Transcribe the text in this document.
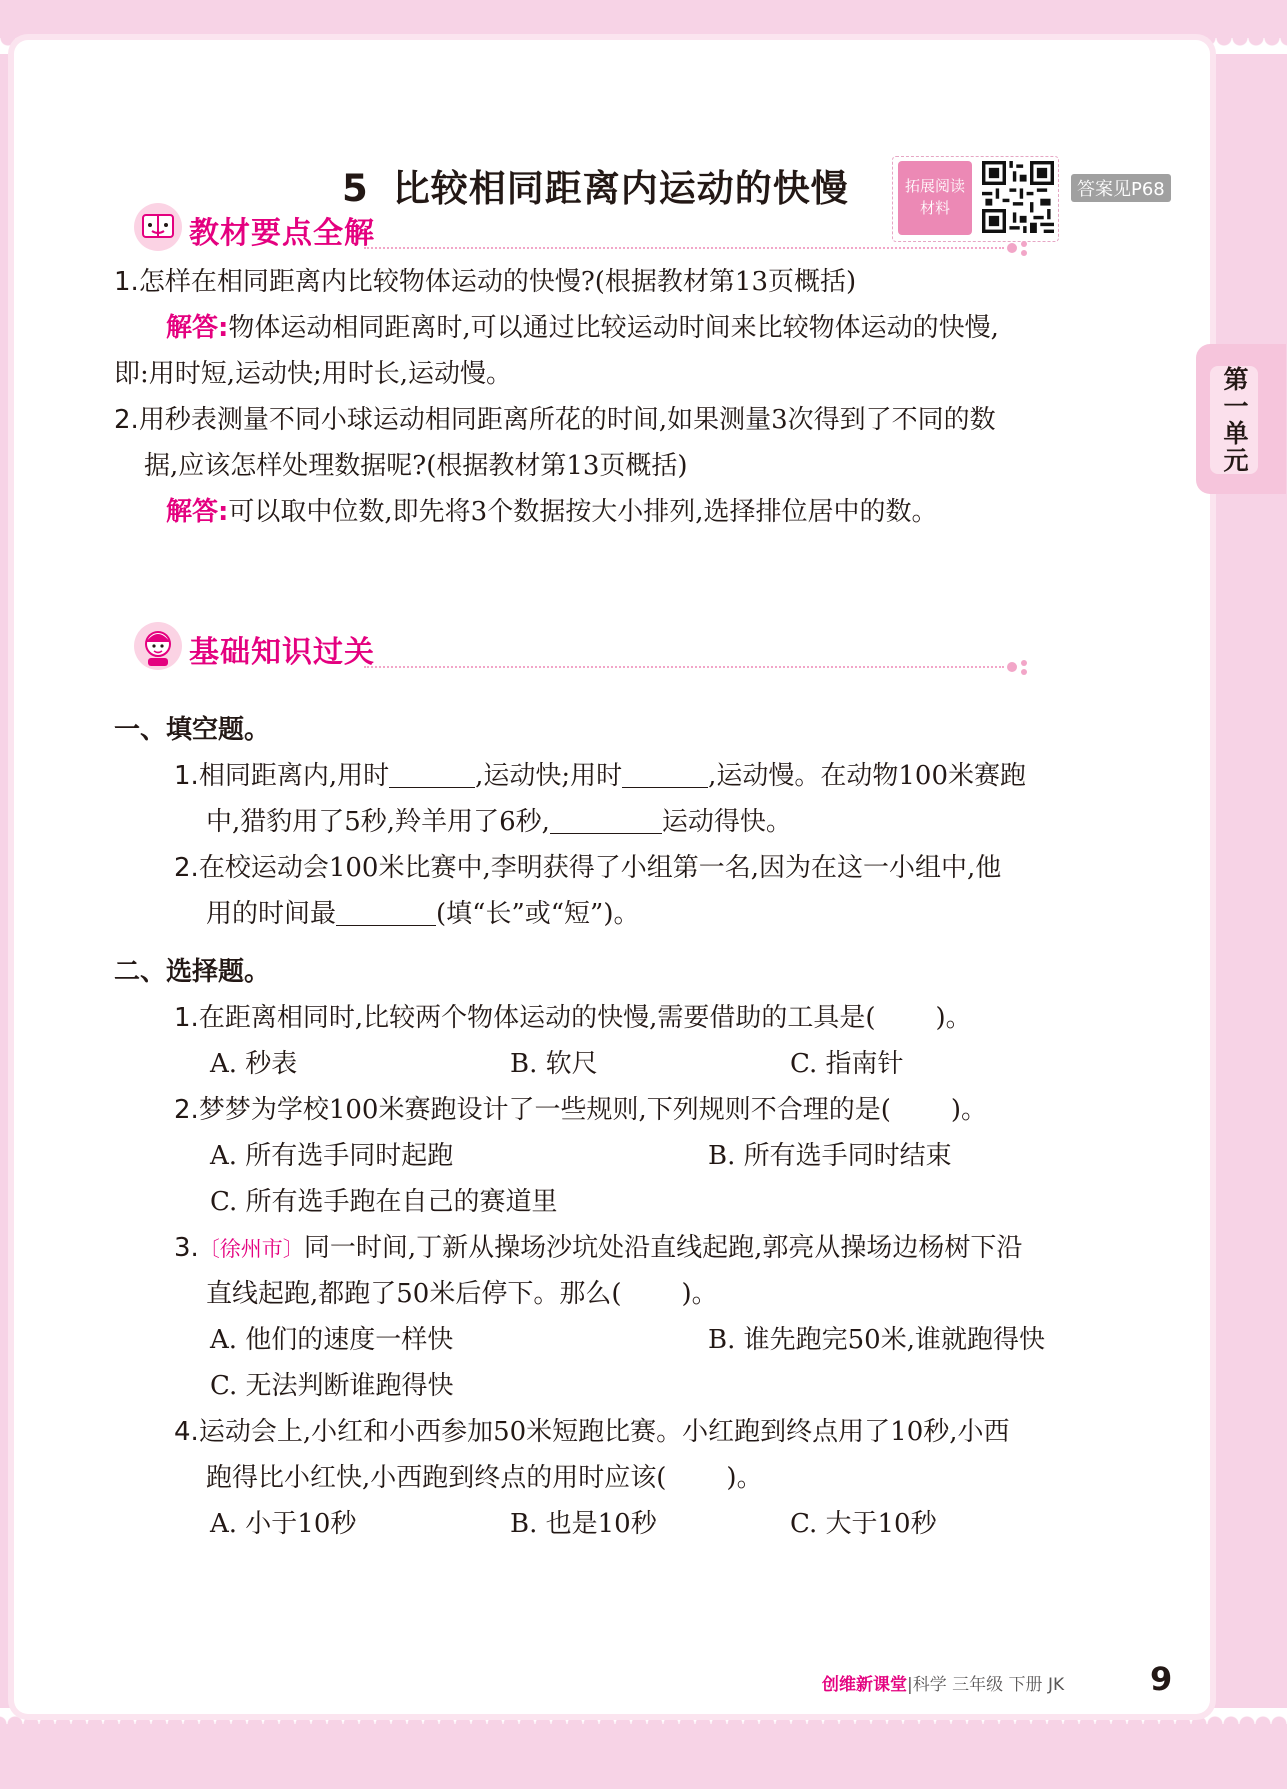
5 比较相同距离内运动的快慢	拓展阅读
材料
答案见P68
教材要点全解
1.怎样在相同距离内比较物体运动的快慢?(根据教材第13页概括)
解答:物体运动相同距离时,可以通过比较运动时间来比较物体运动的快慢,
即:用时短,运动快;用时长,运动慢。
2.用秒表测量不同小球运动相同距离所花的时间,如果测量3次得到了不同的数
据,应该怎样处理数据呢?(根据教材第13页概括)
解答:可以取中位数,即先将3个数据按大小排列,选择排位居中的数。
基础知识过关
一、填空题。
1.相同距离内,用时	,运动快;用时	,运动慢。在动物100米赛跑
中,猎豹用了5秒,羚羊用了6秒,	运动得快。
2.在校运动会100米比赛中,李明获得了小组第一名,因为在这一小组中,他
用的时间最	(填“长”或“短”)。
二、选择题。
1.在距离相同时,比较两个物体运动的快慢,需要借助的工具是( )。
A. 秒表	B. 软尺	C. 指南针
2.梦梦为学校100米赛跑设计了一些规则,下列规则不合理的是( )。
A. 所有选手同时起跑	B. 所有选手同时结束
C. 所有选手跑在自己的赛道里
3.〔徐州市〕同一时间,丁新从操场沙坑处沿直线起跑,郭亮从操场边杨树下沿
直线起跑,都跑了50米后停下。那么( )。
A. 他们的速度一样快	B. 谁先跑完50米,谁就跑得快
C. 无法判断谁跑得快
4.运动会上,小红和小西参加50米短跑比赛。小红跑到终点用了10秒,小西
跑得比小红快,小西跑到终点的用时应该( )。
A. 小于10秒	B. 也是10秒	C. 大于10秒
第一单元
创维新课堂|科学 三年级 下册 JK	9
